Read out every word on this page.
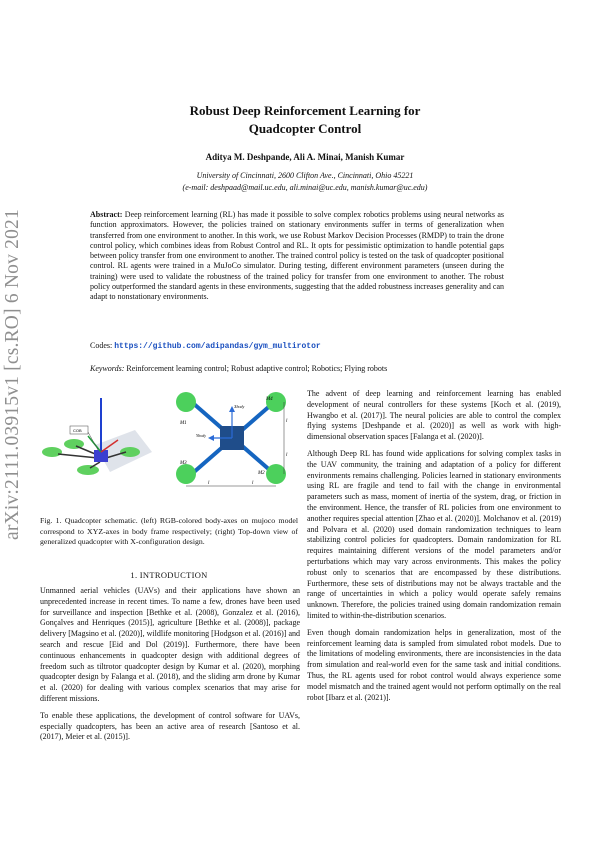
arXiv:2111.03915v1 [cs.RO] 6 Nov 2021
Robust Deep Reinforcement Learning for
Quadcopter Control
Aditya M. Deshpande, Ali A. Minai, Manish Kumar
University of Cincinnati, 2600 Clifton Ave., Cincinnati, Ohio 45221
(e-mail: deshpaad@mail.uc.edu, ali.minai@uc.edu, manish.kumar@uc.edu)
Abstract: Deep reinforcement learning (RL) has made it possible to solve complex robotics problems using neural networks as function approximators. However, the policies trained on stationary environments suffer in terms of generalization when transferred from one environment to another. In this work, we use Robust Markov Decision Processes (RMDP) to train the drone control policy, which combines ideas from Robust Control and RL. It opts for pessimistic optimization to handle potential gaps between policy transfer from one environment to another. The trained control policy is tested on the task of quadcopter positional control. RL agents were trained in a MuJoCo simulator. During testing, different environment parameters (unseen during the training) were used to validate the robustness of the trained policy for transfer from one environment to another. The robust policy outperformed the standard agents in these environments, suggesting that the added robustness increases generality and can adapt to nonstationary environments.
Codes: https://github.com/adipandas/gym_multirotor
Keywords: Reinforcement learning control; Robust adaptive control; Robotics; Flying robots
COB
M1
M4
M3
M2
Xbody
Ybody
l
l
l	l
Fig. 1. Quadcopter schematic. (left) RGB-colored body-axes on mujoco model correspond to XYZ-axes in body frame respectively; (right) Top-down view of generalized quadcopter with X-configuration design.
1. INTRODUCTION

Unmanned aerial vehicles (UAVs) and their applications have shown an unprecedented increase in recent times. To name a few, drones have been used for surveillance and inspection [Bethke et al. (2008), Gonzalez et al. (2016), Gonçalves and Henriques (2015)], agriculture [Bethke et al. (2008)], package delivery [Magsino et al. (2020)], wildlife monitoring [Hodgson et al. (2016)] and search and rescue [Eid and Dol (2019)]. Furthermore, there have been continuous enhancements in quadcopter design with additional degrees of freedom such as tiltrotor quadcopter design by Kumar et al. (2020), morphing quadcopter design by Falanga et al. (2018), and the sliding arm drone by Kumar et al. (2020) for dealing with various complex scenarios that may arise for different missions.

To enable these applications, the development of control software for UAVs, especially quadcopters, has been an active area of research [Santoso et al. (2017), Meier et al. (2015)].

The advent of deep learning and reinforcement learning has enabled development of neural controllers for these systems [Koch et al. (2019), Hwangbo et al. (2017)]. The neural policies are able to control the complex flying systems [Deshpande et al. (2020)] as well as work with high-dimensional observation spaces [Falanga et al. (2020)].

Although Deep RL has found wide applications for solving complex tasks in the UAV community, the training and adaptation of a policy for different environments remains challenging. Policies learned in stationary environments using RL are fragile and tend to fail with the change in environmental parameters such as mass, moment of inertia of the system, drag, or friction in the environment. Hence, the transfer of RL policies from one environment to another requires special attention [Zhao et al. (2020)]. Molchanov et al. (2019) and Polvara et al. (2020) used domain randomization techniques to learn stabilizing control policies for quadcopters. Domain randomization for RL requires maintaining different versions of the model parameters and/or perturbations which may vary across environments. This makes the policy robust only to scenarios that are encompassed by these distributions. Furthermore, these sets of distributions may not be always tractable and the range of uncertainties in which a policy would operate safely remains unknown. Therefore, the policies trained using domain randomization remain limited to within-the-distribution scenarios.

Even though domain randomization helps in generalization, most of the reinforcement learning data is sampled from simulated robot models. Due to the limitations of modeling environments, there are inconsistencies in the data from simulation and real-world even for the same task and initial conditions. Thus, the RL agents used for robot control would always experience some model mismatch and the trained agent would not perform optimally on the real robot [Ibarz et al. (2021)].
